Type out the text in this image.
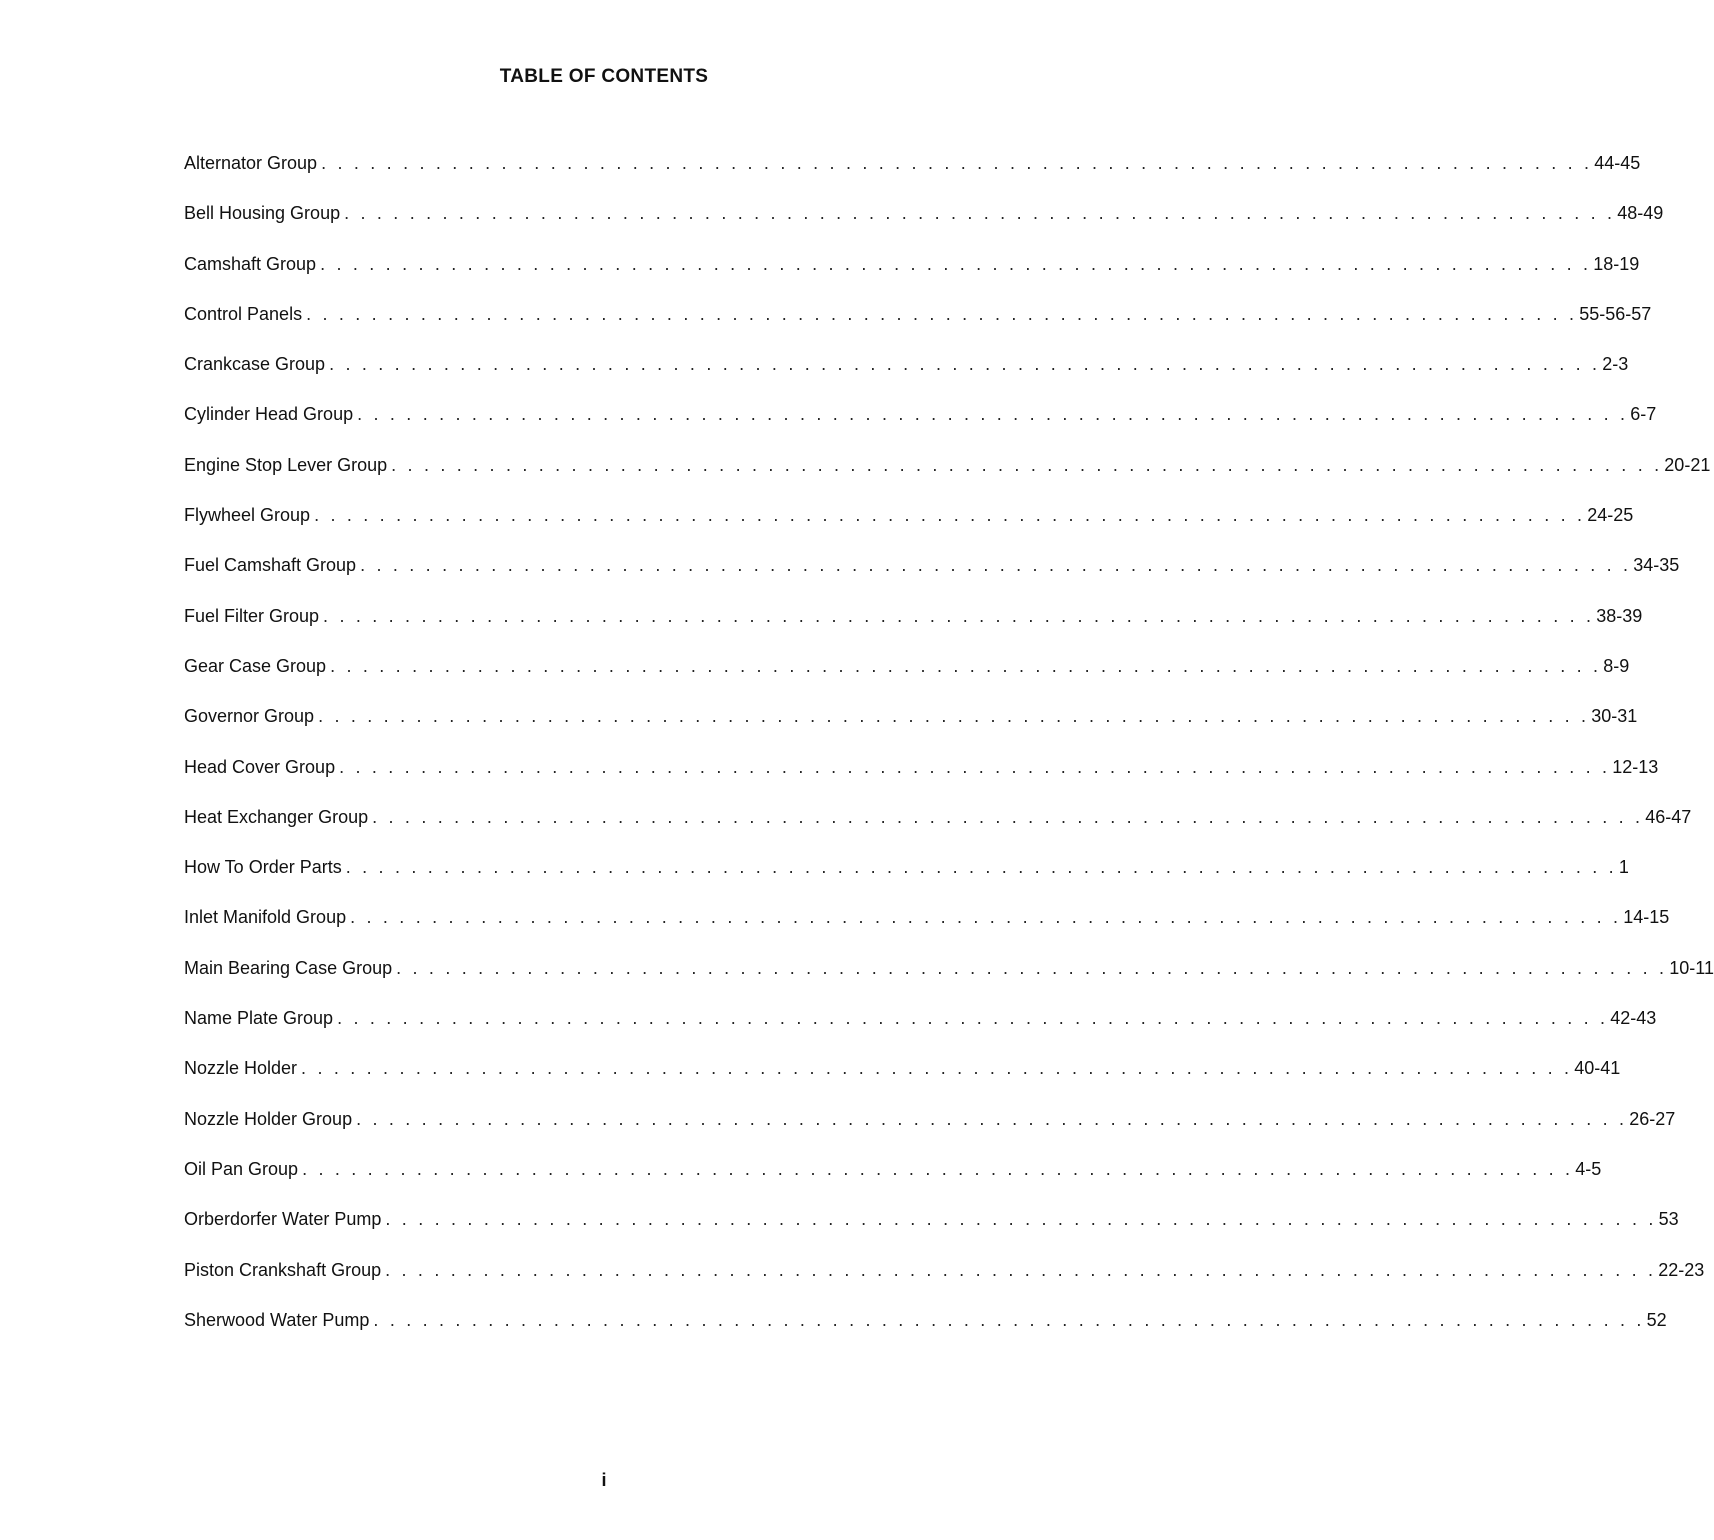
TABLE OF CONTENTS
Alternator Group . . . . . . . . . . . . . . . . . . . . . . . . . . . . . . . . . . . . . . . . . . . . . . . . . . . . . . . . . . . . . . . . . . . . . . . . . . . . . . 44-45
Bell Housing Group . . . . . . . . . . . . . . . . . . . . . . . . . . . . . . . . . . . . . . . . . . . . . . . . . . . . . . . . . . . . . . . . . . . . . . . . . . . . . . 48-49
Camshaft Group . . . . . . . . . . . . . . . . . . . . . . . . . . . . . . . . . . . . . . . . . . . . . . . . . . . . . . . . . . . . . . . . . . . . . . . . . . . . . . 18-19
Control Panels . . . . . . . . . . . . . . . . . . . . . . . . . . . . . . . . . . . . . . . . . . . . . . . . . . . . . . . . . . . . . . . . . . . . . . . . . . . . . . 55-56-57
Crankcase Group . . . . . . . . . . . . . . . . . . . . . . . . . . . . . . . . . . . . . . . . . . . . . . . . . . . . . . . . . . . . . . . . . . . . . . . . . . . . . . 2-3
Cylinder Head Group . . . . . . . . . . . . . . . . . . . . . . . . . . . . . . . . . . . . . . . . . . . . . . . . . . . . . . . . . . . . . . . . . . . . . . . . . . . . . . 6-7
Engine Stop Lever Group . . . . . . . . . . . . . . . . . . . . . . . . . . . . . . . . . . . . . . . . . . . . . . . . . . . . . . . . . . . . . . . . . . . . . . . . . . . . . . 20-21
Flywheel Group . . . . . . . . . . . . . . . . . . . . . . . . . . . . . . . . . . . . . . . . . . . . . . . . . . . . . . . . . . . . . . . . . . . . . . . . . . . . . . 24-25
Fuel Camshaft Group . . . . . . . . . . . . . . . . . . . . . . . . . . . . . . . . . . . . . . . . . . . . . . . . . . . . . . . . . . . . . . . . . . . . . . . . . . . . . . 34-35
Fuel Filter Group . . . . . . . . . . . . . . . . . . . . . . . . . . . . . . . . . . . . . . . . . . . . . . . . . . . . . . . . . . . . . . . . . . . . . . . . . . . . . . 38-39
Gear Case Group . . . . . . . . . . . . . . . . . . . . . . . . . . . . . . . . . . . . . . . . . . . . . . . . . . . . . . . . . . . . . . . . . . . . . . . . . . . . . . 8-9
Governor Group . . . . . . . . . . . . . . . . . . . . . . . . . . . . . . . . . . . . . . . . . . . . . . . . . . . . . . . . . . . . . . . . . . . . . . . . . . . . . . 30-31
Head Cover Group . . . . . . . . . . . . . . . . . . . . . . . . . . . . . . . . . . . . . . . . . . . . . . . . . . . . . . . . . . . . . . . . . . . . . . . . . . . . . . 12-13
Heat Exchanger Group . . . . . . . . . . . . . . . . . . . . . . . . . . . . . . . . . . . . . . . . . . . . . . . . . . . . . . . . . . . . . . . . . . . . . . . . . . . . . . 46-47
How To Order Parts . . . . . . . . . . . . . . . . . . . . . . . . . . . . . . . . . . . . . . . . . . . . . . . . . . . . . . . . . . . . . . . . . . . . . . . . . . . . . . 1
Inlet Manifold Group . . . . . . . . . . . . . . . . . . . . . . . . . . . . . . . . . . . . . . . . . . . . . . . . . . . . . . . . . . . . . . . . . . . . . . . . . . . . . . 14-15
Main Bearing Case Group . . . . . . . . . . . . . . . . . . . . . . . . . . . . . . . . . . . . . . . . . . . . . . . . . . . . . . . . . . . . . . . . . . . . . . . . . . . . . . 10-11
Name Plate Group . . . . . . . . . . . . . . . . . . . . . . . . . . . . . . . . . . . . . . . . . . . . . . . . . . . . . . . . . . . . . . . . . . . . . . . . . . . . . . 42-43
Nozzle Holder . . . . . . . . . . . . . . . . . . . . . . . . . . . . . . . . . . . . . . . . . . . . . . . . . . . . . . . . . . . . . . . . . . . . . . . . . . . . . . 40-41
Nozzle Holder Group . . . . . . . . . . . . . . . . . . . . . . . . . . . . . . . . . . . . . . . . . . . . . . . . . . . . . . . . . . . . . . . . . . . . . . . . . . . . . . 26-27
Oil Pan Group . . . . . . . . . . . . . . . . . . . . . . . . . . . . . . . . . . . . . . . . . . . . . . . . . . . . . . . . . . . . . . . . . . . . . . . . . . . . . . 4-5
Orberdorfer Water Pump . . . . . . . . . . . . . . . . . . . . . . . . . . . . . . . . . . . . . . . . . . . . . . . . . . . . . . . . . . . . . . . . . . . . . . . . . . . . . . 53
Piston Crankshaft Group . . . . . . . . . . . . . . . . . . . . . . . . . . . . . . . . . . . . . . . . . . . . . . . . . . . . . . . . . . . . . . . . . . . . . . . . . . . . . . 22-23
Sherwood Water Pump . . . . . . . . . . . . . . . . . . . . . . . . . . . . . . . . . . . . . . . . . . . . . . . . . . . . . . . . . . . . . . . . . . . . . . . . . . . . . . 52

i
